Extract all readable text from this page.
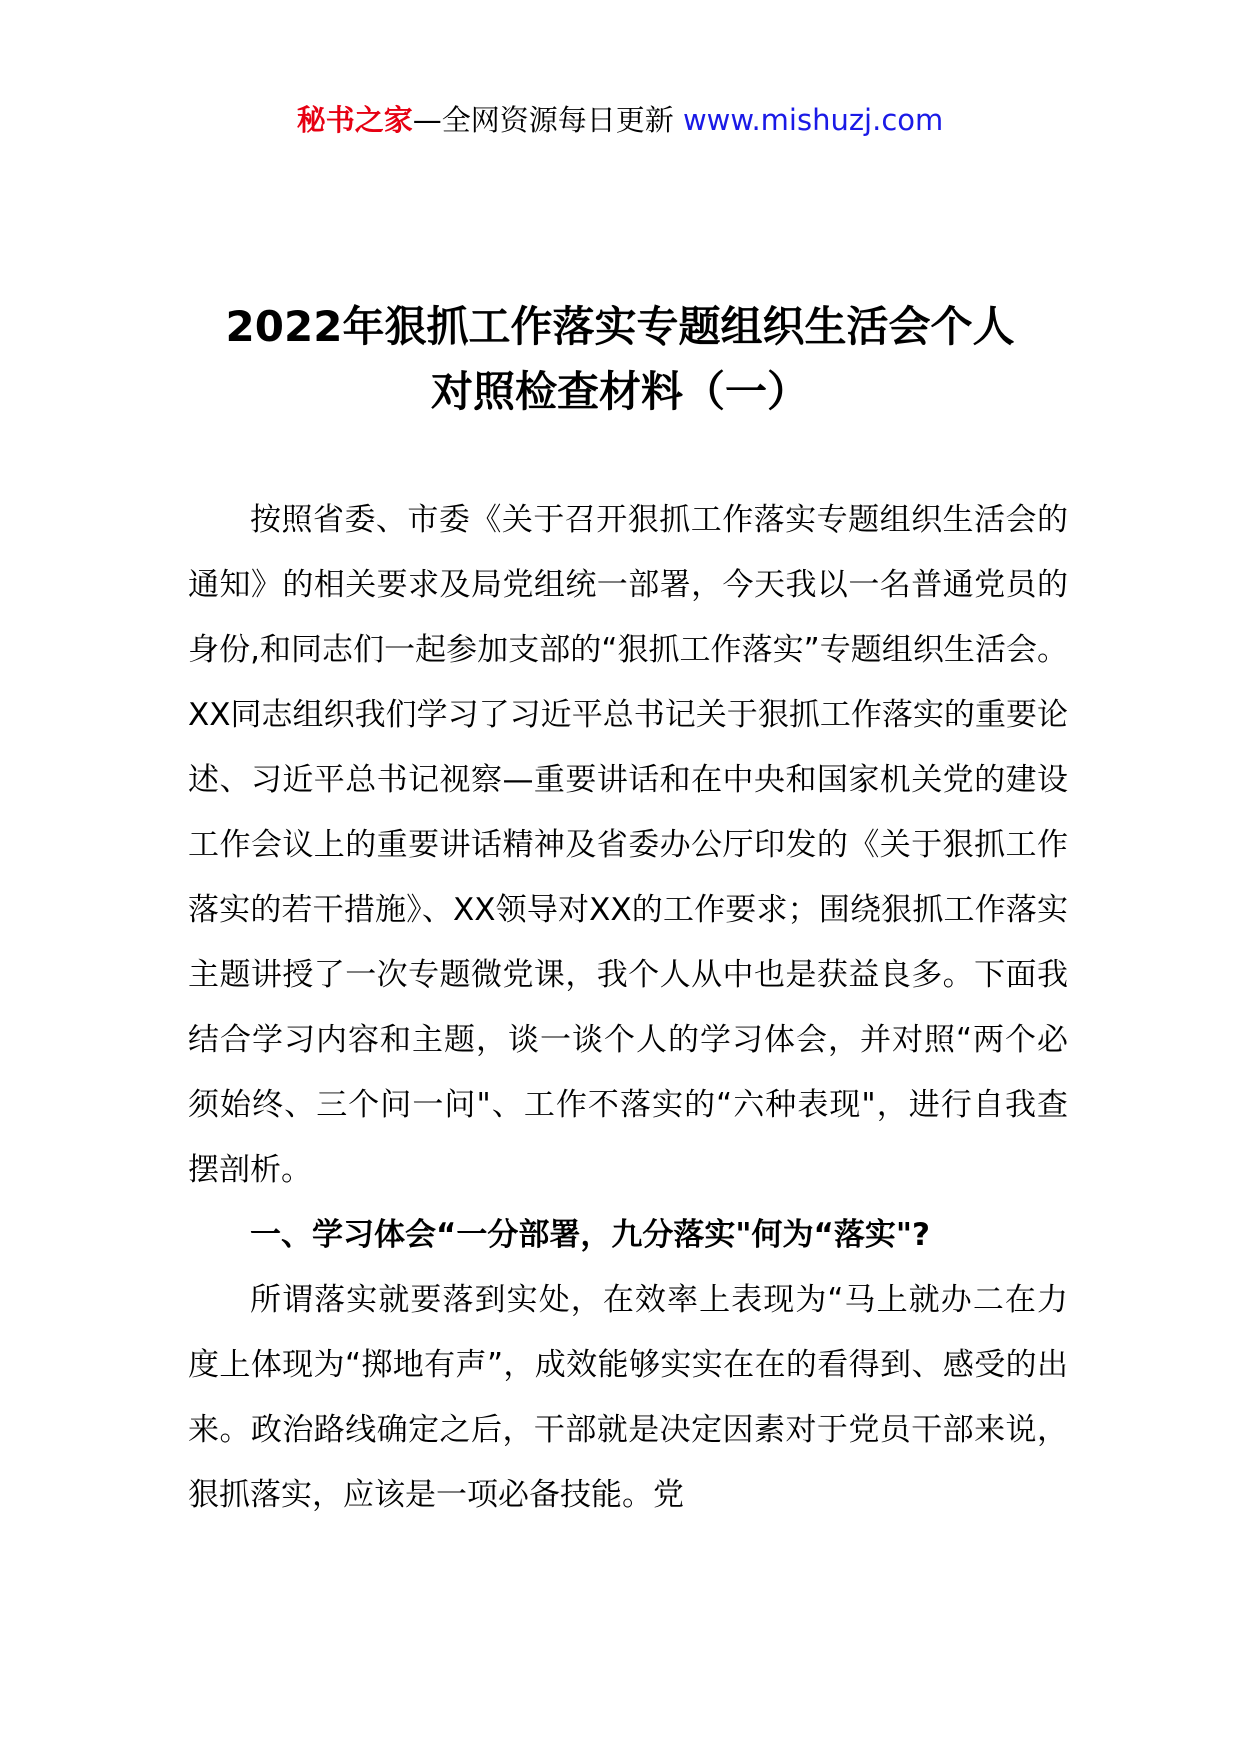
秘书之家—全网资源每日更新 www.mishuzj.com
2022年狠抓工作落实专题组织生活会个人
对照检查材料（一）

按照省委、市委《关于召开狠抓工作落实专题组织生活会的通知》的相关要求及局党组统一部署，今天我以一名普通党员的身份,和同志们一起参加支部的“狠抓工作落实”专题组织生活会。XX同志组织我们学习了习近平总书记关于狠抓工作落实的重要论述、习近平总书记视察—重要讲话和在中央和国家机关党的建设工作会议上的重要讲话精神及省委办公厅印发的《关于狠抓工作落实的若干措施》、XX领导对XX的工作要求；围绕狠抓工作落实主题讲授了一次专题微党课，我个人从中也是获益良多。下面我结合学习内容和主题，谈一谈个人的学习体会，并对照“两个必须始终、三个问一问"、工作不落实的“六种表现"，进行自我查摆剖析。

一、学习体会“一分部署，九分落实"何为“落实"?

所谓落实就要落到实处，在效率上表现为“马上就办二在力度上体现为“掷地有声”，成效能够实实在在的看得到、感受的出来。政治路线确定之后，干部就是决定因素对于党员干部来说，狠抓落实，应该是一项必备技能。党
